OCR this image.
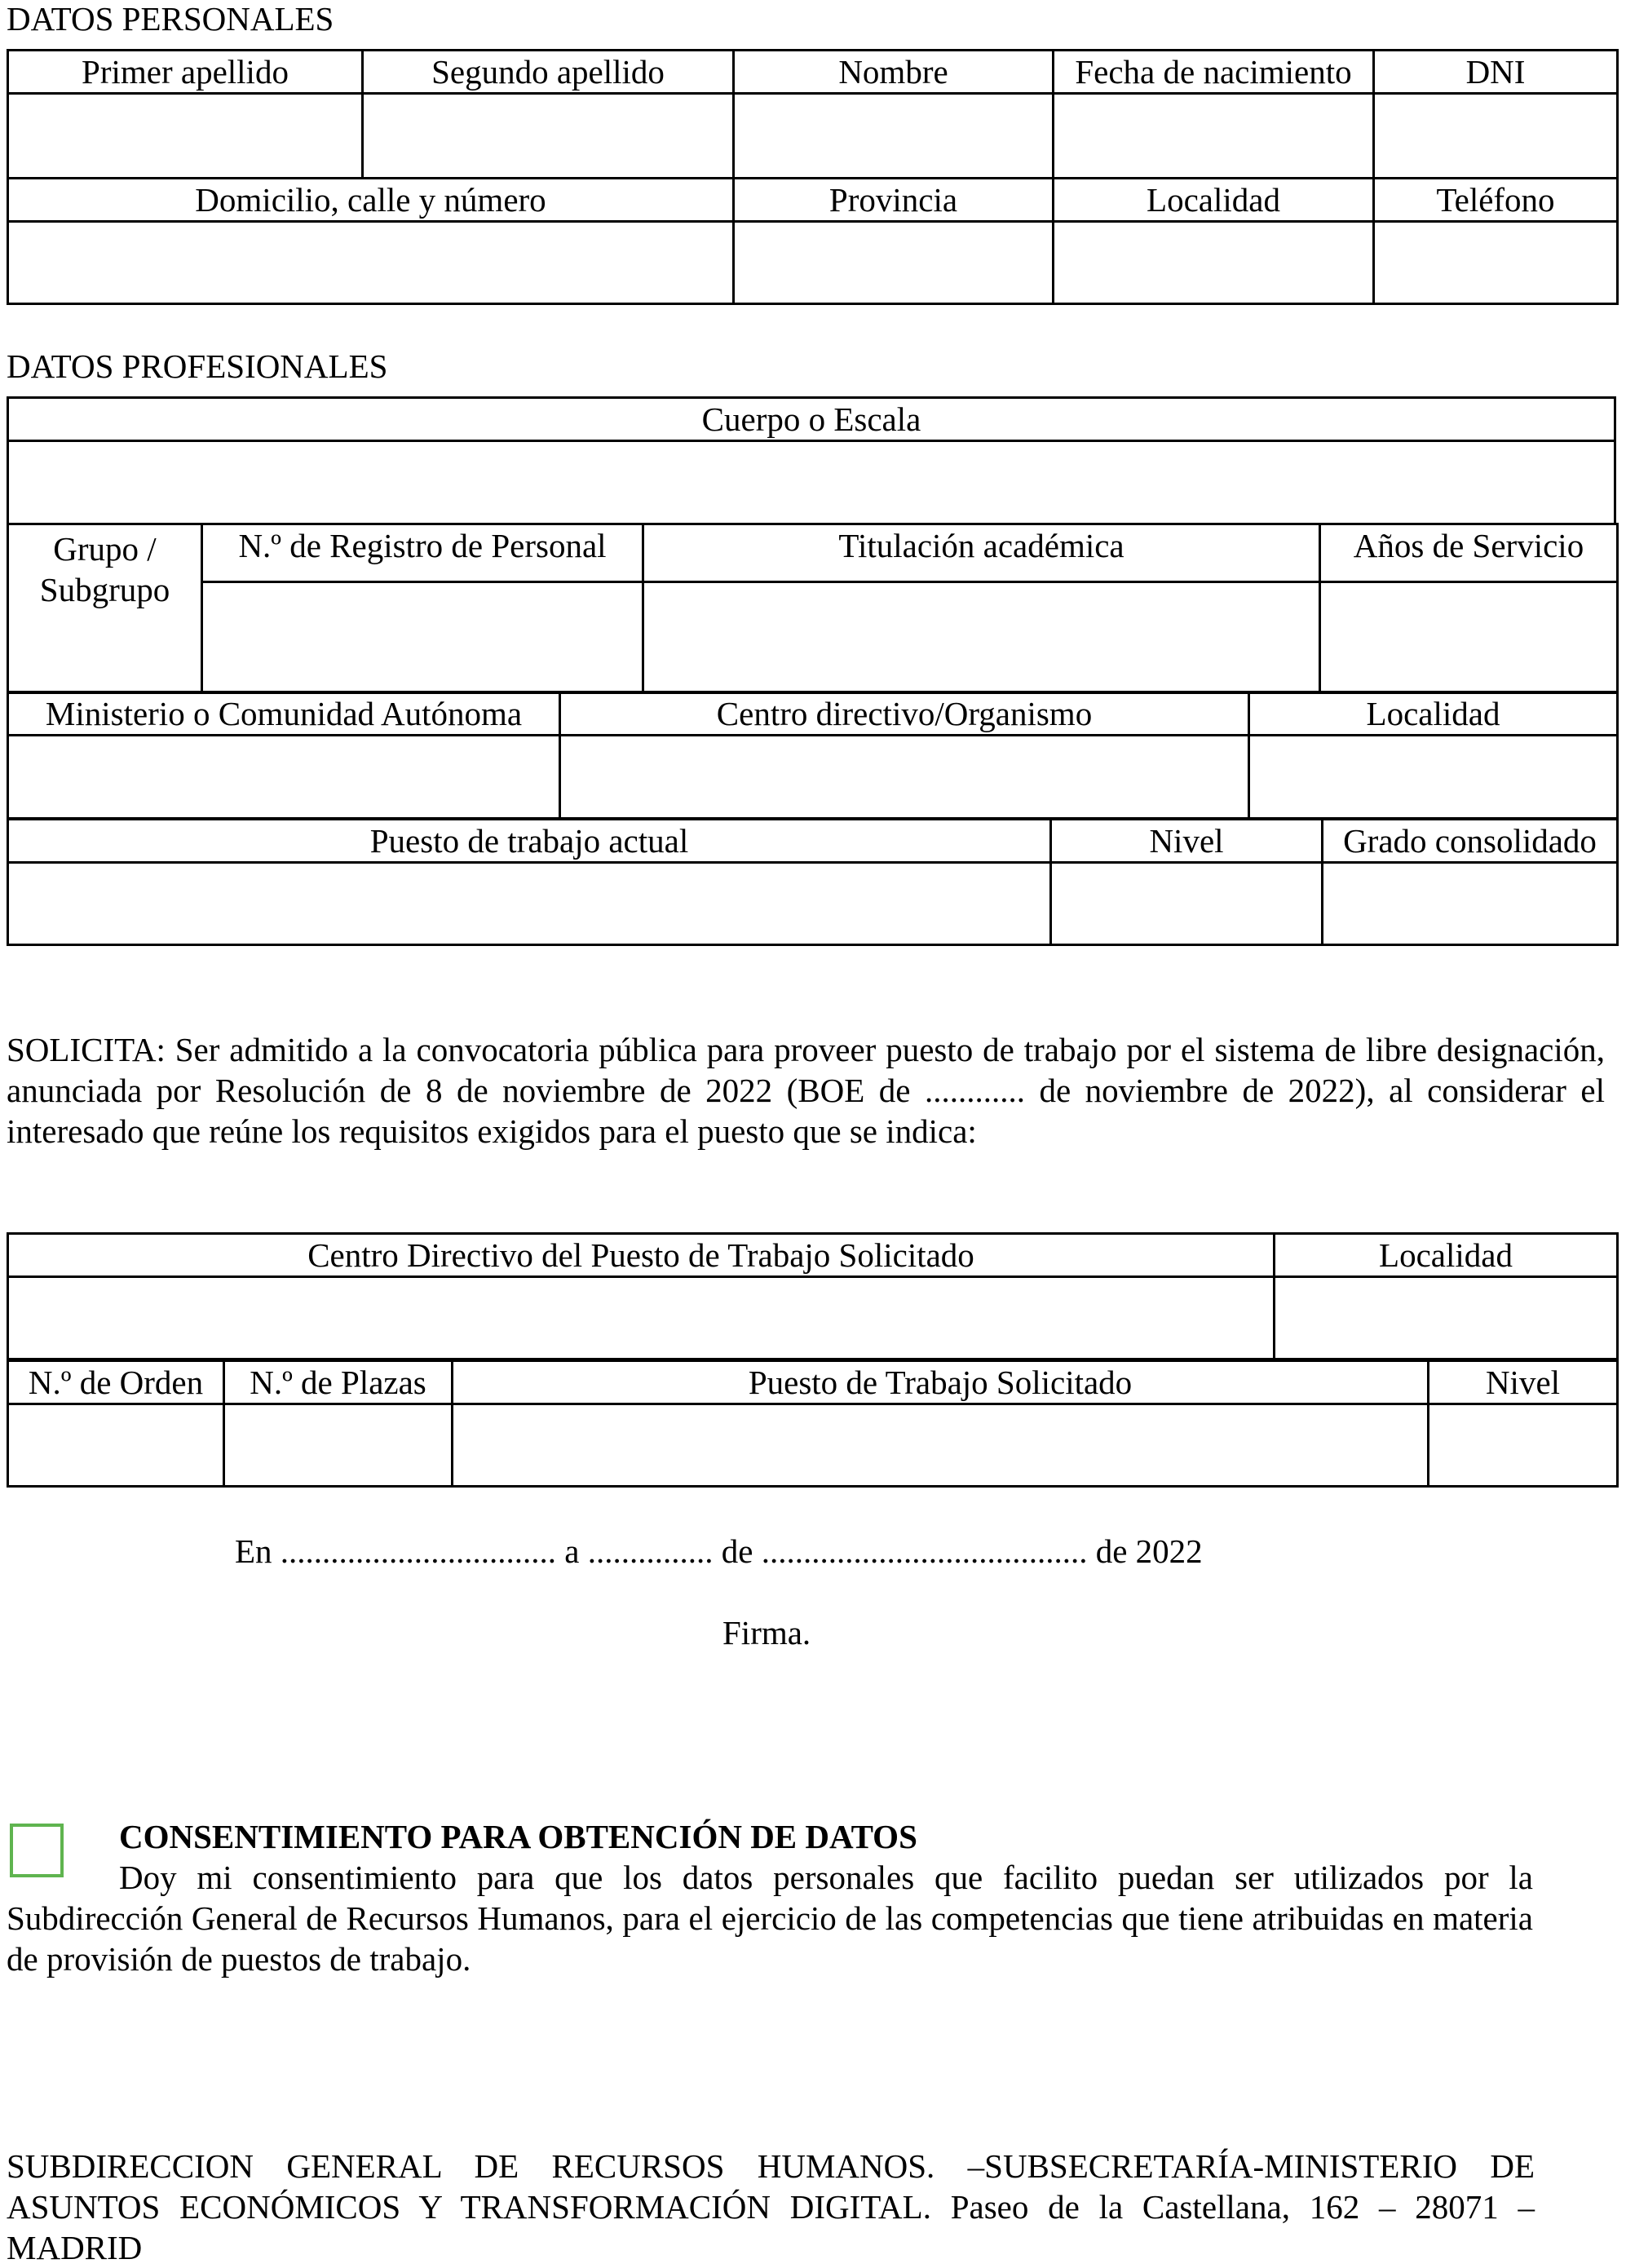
DATOS PERSONALES
Primer apellido	Segundo apellido	Nombre	Fecha de nacimiento	DNI

Domicilio, calle y número		Provincia	Localidad	Teléfono

DATOS PROFESIONALES
Cuerpo o Escala

Grupo / Subgrupo	N.º de Registro de Personal	Titulación académica	Años de Servicio

Ministerio o Comunidad Autónoma	Centro directivo/Organismo	Localidad

Puesto de trabajo actual	Nivel	Grado consolidado

SOLICITA: Ser admitido a la convocatoria pública para proveer puesto de trabajo por el sistema de libre designación, anunciada por Resolución de 8 de noviembre de 2022 (BOE de ............ de noviembre de 2022), al considerar el interesado que reúne los requisitos exigidos para el puesto que se indica:
Centro Directivo del Puesto de Trabajo Solicitado	Localidad

N.º de Orden	N.º de Plazas	Puesto de Trabajo Solicitado	Nivel

En ................................. a ............... de ....................................... de 2022
Firma.
CONSENTIMIENTO PARA OBTENCIÓN DE DATOS
Doy mi consentimiento para que los datos personales que facilito puedan ser utilizados por la Subdirección General de Recursos Humanos, para el ejercicio de las competencias que tiene atribuidas en materia de provisión de puestos de trabajo.
SUBDIRECCION GENERAL DE RECURSOS HUMANOS. –SUBSECRETARÍA-MINISTERIO DE ASUNTOS ECONÓMICOS Y TRANSFORMACIÓN DIGITAL. Paseo de la Castellana, 162 – 28071 – MADRID
